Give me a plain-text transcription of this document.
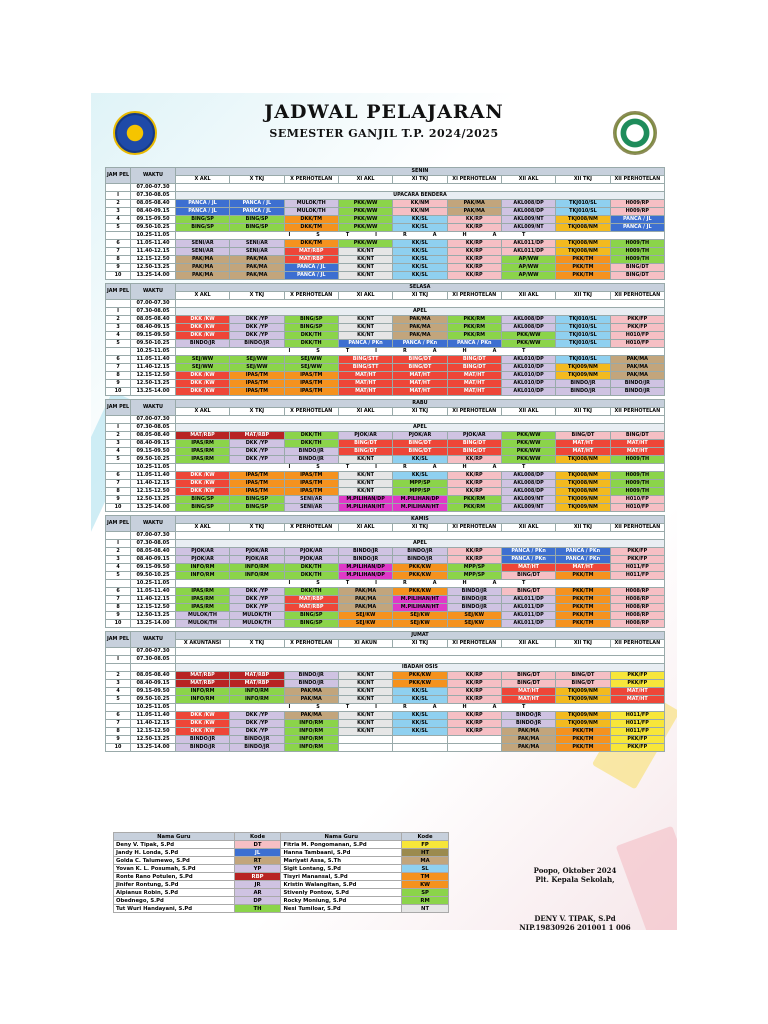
JADWAL PELAJARAN
SEMESTER GANJIL T.P. 2024/2025
JAM PEL	WAKTU	SENIN								
		X AKL	X TKJ	X PERHOTELAN	XI AKL	XI TKJ	XI PERHOTELAN	XII AKL	XII TKJ	XII PERHOTELAN
	07.00-07.30									
I	07.30-08.05	UPACARA BENDERA								
2	08.05-08.40	PANCA / JL	PANCA / JL	MULOK/TH	PKK/WW	KK/NM	PAK/MA	AKL008/DP	TKJ010/SL	H009/RP
3	08.40-09.15	PANCA / JL	PANCA / JL	MULOK/TH	PKK/WW	KK/NM	PAK/MA	AKL008/DP	TKJ010/SL	H009/RP
4	09.15-09.50	BING/SP	BING/SP	DKK/TM	PKK/WW	KK/SL	KK/RP	AKL009/NT	TKJ008/NM	PANCA / JL
5	09.50-10.25	BING/SP	BING/SP	DKK/TM	PKK/WW	KK/SL	KK/RP	AKL009/NT	TKJ008/NM	PANCA / JL
	10.25-11.05	ISTIRAHAT								
6	11.05-11.40	SENI/AR	SENI/AR	DKK/TM	PKK/WW	KK/SL	KK/RP	AKL011/DP	TKJ008/NM	H009/TH
7	11.40-12.15	SENI/AR	SENI/AR	MAT/RBP	KK/NT	KK/SL	KK/RP	AKL011/DP	TKJ008/NM	H009/TH
8	12.15-12.50	PAK/MA	PAK/MA	MAT/RBP	KK/NT	KK/SL	KK/RP	AP/WW	PKK/TM	H009/TH
9	12.50-13.25	PAK/MA	PAK/MA	PANCA / JL	KK/NT	KK/SL	KK/RP	AP/WW	PKK/TM	BING/DT
10	13.25-14.00	PAK/MA	PAK/MA	PANCA / JL	KK/NT	KK/SL	KK/RP	AP/WW	PKK/TM	BING/DT
JAM PEL	WAKTU	SELASA								
		X AKL	X TKJ	X PERHOTELAN	XI AKL	XI TKJ	XI PERHOTELAN	XII AKL	XII TKJ	XII PERHOTELAN
	07.00-07.30									
I	07.30-08.05	APEL								
2	08.05-08.40	DKK /KW	DKK /YP	BING/SP	KK/NT	PAK/MA	PKK/RM	AKL008/DP	TKJ010/SL	PKK/FP
3	08.40-09.15	DKK /KW	DKK /YP	BING/SP	KK/NT	PAK/MA	PKK/RM	AKL008/DP	TKJ010/SL	PKK/FP
4	09.15-09.50	DKK /KW	DKK /YP	DKK/TH	KK/NT	PAK/MA	PKK/RM	PKK/WW	TKJ010/SL	H010/FP
5	09.50-10.25	BINDO/JR	BINDO/JR	DKK/TH	PANCA / PKn	PANCA / PKn	PANCA / PKn	PKK/WW	TKJ010/SL	H010/FP
	10.25-11.05	ISTIRAHAT								
6	11.05-11.40	SEJ/WW	SEJ/WW	SEJ/WW	BING/STT	BING/DT	BING/DT	AKL010/DP	TKJ010/SL	PAK/MA
7	11.40-12.15	SEJ/WW	SEJ/WW	SEJ/WW	BING/STT	BING/DT	BING/DT	AKL010/DP	TKJ009/NM	PAK/MA
8	12.15-12.50	DKK /KW	IPAS/TM	IPAS/TM	MAT/HT	MAT/HT	MAT/HT	AKL010/DP	TKJ009/NM	PAK/MA
9	12.50-13.25	DKK /KW	IPAS/TM	IPAS/TM	MAT/HT	MAT/HT	MAT/HT	AKL010/DP	BINDO/JR	BINDO/JR
10	13.25-14.00	DKK /KW	IPAS/TM	IPAS/TM	MAT/HT	MAT/HT	MAT/HT	AKL010/DP	BINDO/JR	BINDO/JR
JAM PEL	WAKTU	RABU								
		X AKL	X TKJ	X PERHOTELAN	XI AKL	XI TKJ	XI PERHOTELAN	XII AKL	XII TKJ	XII PERHOTELAN
	07.00-07.30									
I	07.30-08.05	APEL								
2	08.05-08.40	MAT/RBP	MAT/RBP	DKK/TH	PJOK/AR	PJOK/AR	PJOK/AR	PKK/WW	BING/DT	BING/DT
3	08.40-09.15	IPAS/RM	DKK /YP	DKK/TH	BING/DT	BING/DT	BING/DT	PKK/WW	MAT/HT	MAT/HT
4	09.15-09.50	IPAS/RM	DKK /YP	BINDO/JR	BING/DT	BING/DT	BING/DT	PKK/WW	MAT/HT	MAT/HT
5	09.50-10.25	IPAS/RM	DKK /YP	BINDO/JR	KK/NT	KK/SL	KK/RP	PKK/WW	TKJ008/NM	H009/TH
	10.25-11.05	ISTIRAHAT								
6	11.05-11.40	DKK /KW	IPAS/TM	IPAS/TM	KK/NT	KK/SL	KK/RP	AKL008/DP	TKJ008/NM	H009/TH
7	11.40-12.15	DKK /KW	IPAS/TM	IPAS/TM	KK/NT	MPP/SP	KK/RP	AKL008/DP	TKJ008/NM	H009/TH
8	12.15-12.50	DKK /KW	IPAS/TM	IPAS/TM	KK/NT	MPP/SP	KK/RP	AKL008/DP	TKJ008/NM	H009/TH
9	12.50-13.25	BING/SP	BING/SP	SENI/AR	M.PILIHAN/DP	M.PILIHAN/DP	PKK/RM	AKL009/NT	TKJ009/NM	H010/FP
10	13.25-14.00	BING/SP	BING/SP	SENI/AR	M.PILIHAN/HT	M.PILIHAN/HT	PKK/RM	AKL009/NT	TKJ009/NM	H010/FP
JAM PEL	WAKTU	KAMIS								
		X AKL	X TKJ	X PERHOTELAN	XI AKL	XI TKJ	XI PERHOTELAN	XII AKL	XII TKJ	XII PERHOTELAN
	07.00-07.30									
I	07.30-08.05	APEL								
2	08.05-08.40	PJOK/AR	PJOK/AR	PJOK/AR	BINDO/JR	BINDO/JR	KK/RP	PANCA / PKn	PANCA / PKn	PKK/FP
3	08.40-09.15	PJOK/AR	PJOK/AR	PJOK/AR	BINDO/JR	BINDO/JR	KK/RP	PANCA / PKn	PANCA / PKn	PKK/FP
4	09.15-09.50	INFO/RM	INFO/RM	DKK/TH	M.PILIHAN/DP	PKK/KW	MPP/SP	MAT/HT	MAT/HT	H011/FP
5	09.50-10.25	INFO/RM	INFO/RM	DKK/TH	M.PILIHAN/DP	PKK/KW	MPP/SP	BING/DT	PKK/TM	H011/FP
	10.25-11.05	ISTIRAHAT								
6	11.05-11.40	IPAS/RM	DKK /YP	DKK/TH	PAK/MA	PKK/KW	BINDO/JR	BING/DT	PKK/TM	H008/RP
7	11.40-12.15	IPAS/RM	DKK /YP	MAT/RBP	PAK/MA	M.PILIHAN/HT	BINDO/JR	AKL011/DP	PKK/TM	H008/RP
8	12.15-12.50	IPAS/RM	DKK /YP	MAT/RBP	PAK/MA	M.PILIHAN/HT	BINDO/JR	AKL011/DP	PKK/TM	H008/RP
9	12.50-13.25	MULOK/TH	MULOK/TH	BING/SP	SEJ/KW	SEJ/KW	SEJ/KW	AKL011/DP	PKK/TM	H008/RP
10	13.25-14.00	MULOK/TH	MULOK/TH	BING/SP	SEJ/KW	SEJ/KW	SEJ/KW	AKL011/DP	PKK/TM	H008/RP
JAM PEL	WAKTU	JUMAT								
		X AKUNTANSI	X TKJ	X PERHOTELAN	XI AKUN	XI TKJ	XI PERHOTELAN	XII AKL	XII TKJ	XII PERHOTELAN
	07.00-07.30									
I	07.30-08.05									
		IBADAH OSIS								
2	08.05-08.40	MAT/RBP	MAT/RBP	BINDO/JR	KK/NT	PKK/KW	KK/RP	BING/DT	BING/DT	PKK/FP
3	08.40-09.15	MAT/RBP	MAT/RBP	BINDO/JR	KK/NT	PKK/KW	KK/RP	BING/DT	BING/DT	PKK/FP
4	09.15-09.50	INFO/RM	INFO/RM	PAK/MA	KK/NT	KK/SL	KK/RP	MAT/HT	TKJ009/NM	MAT/HT
5	09.50-10.25	INFO/RM	INFO/RM	PAK/MA	KK/NT	KK/SL	KK/RP	MAT/HT	TKJ009/NM	MAT/HT
	10.25-11.05	ISTIRAHAT								
6	11.05-11.40	DKK /KW	DKK /YP	PAK/MA	KK/NT	KK/SL	KK/RP	BINDO/JR	TKJ009/NM	H011/FP
7	11.40-12.15	DKK /KW	DKK /YP	INFO/RM	KK/NT	KK/SL	KK/RP	BINDO/JR	TKJ009/NM	H011/FP
8	12.15-12.50	DKK /KW	DKK /YP	INFO/RM	KK/NT	KK/SL	KK/RP	PAK/MA	PKK/TM	H011/FP
9	12.50-13.25	BINDO/JR	BINDO/JR	INFO/RM				PAK/MA	PKK/TM	PKK/FP
10	13.25-14.00	BINDO/JR	BINDO/JR	INFO/RM				PAK/MA	PKK/TM	PKK/FP
Nama Guru	Kode	Nama Guru	Kode
Deny V. Tipak, S.Pd	DT	Fitria M. Pongomanan, S.Pd	FP
Jandy H. Londa, S.Pd	JL	Hanna Tambaani, S.Pd	HT
Golda C. Talumewo, S.Pd	RT	Mariyati Assa, S.Th	MA
Yovan K. L. Posumah, S.Pd	YP	Sigit Lontang, S.Pd	SL
Ronte Rano Potulen, S.Pd	RBP	Tisyri Manansal, S.Pd	TM
Jinifer Rontung, S.Pd	JR	Kristin Walangitan, S.Pd	KW
Alpianus Robin, S.Pd	AR	Stivenly Pontow, S.Pd	SP
Obednego, S.Pd	DP	Rocky Moniung, S.Pd	RM
Tut Wuri Handayani, S.Pd	TH	Nesi Tumiloar, S.Pd	NT
Poopo, Oktober 2024
Plt. Kepala Sekolah,
DENY V. TIPAK, S.Pd
NIP.19830926 201001 1 006
